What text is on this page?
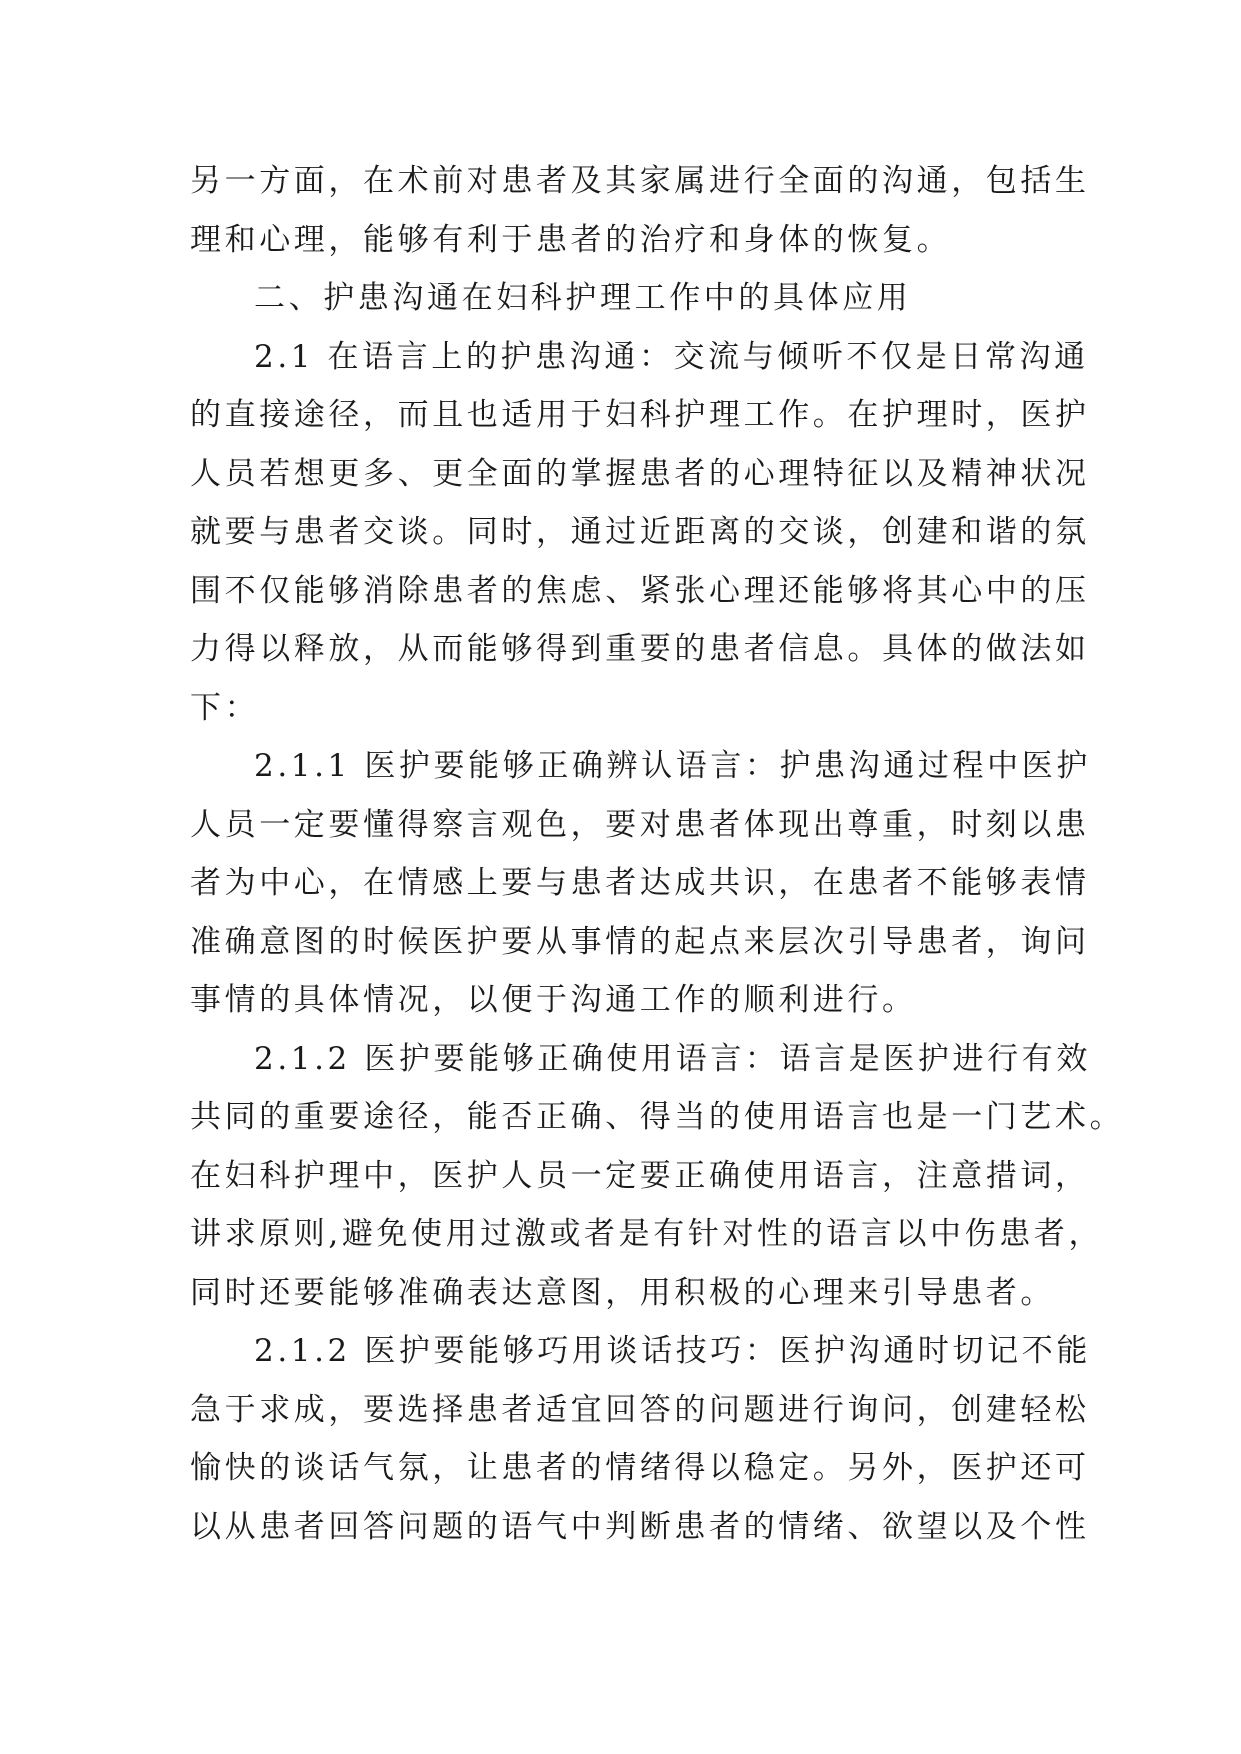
另一方面，在术前对患者及其家属进行全面的沟通，包括生
理和心理，能够有利于患者的治疗和身体的恢复。
二、护患沟通在妇科护理工作中的具体应用
2.1 在语言上的护患沟通：交流与倾听不仅是日常沟通
的直接途径，而且也适用于妇科护理工作。在护理时，医护
人员若想更多、更全面的掌握患者的心理特征以及精神状况
就要与患者交谈。同时，通过近距离的交谈，创建和谐的氛
围不仅能够消除患者的焦虑、紧张心理还能够将其心中的压
力得以释放，从而能够得到重要的患者信息。具体的做法如
下：
2.1.1 医护要能够正确辨认语言：护患沟通过程中医护
人员一定要懂得察言观色，要对患者体现出尊重，时刻以患
者为中心，在情感上要与患者达成共识，在患者不能够表情
准确意图的时候医护要从事情的起点来层次引导患者，询问
事情的具体情况，以便于沟通工作的顺利进行。
2.1.2 医护要能够正确使用语言：语言是医护进行有效
共同的重要途径，能否正确、得当的使用语言也是一门艺术。
在妇科护理中，医护人员一定要正确使用语言，注意措词，
讲求原则,避免使用过激或者是有针对性的语言以中伤患者，
同时还要能够准确表达意图，用积极的心理来引导患者。
2.1.2 医护要能够巧用谈话技巧：医护沟通时切记不能
急于求成，要选择患者适宜回答的问题进行询问，创建轻松
愉快的谈话气氛，让患者的情绪得以稳定。另外，医护还可
以从患者回答问题的语气中判断患者的情绪、欲望以及个性
